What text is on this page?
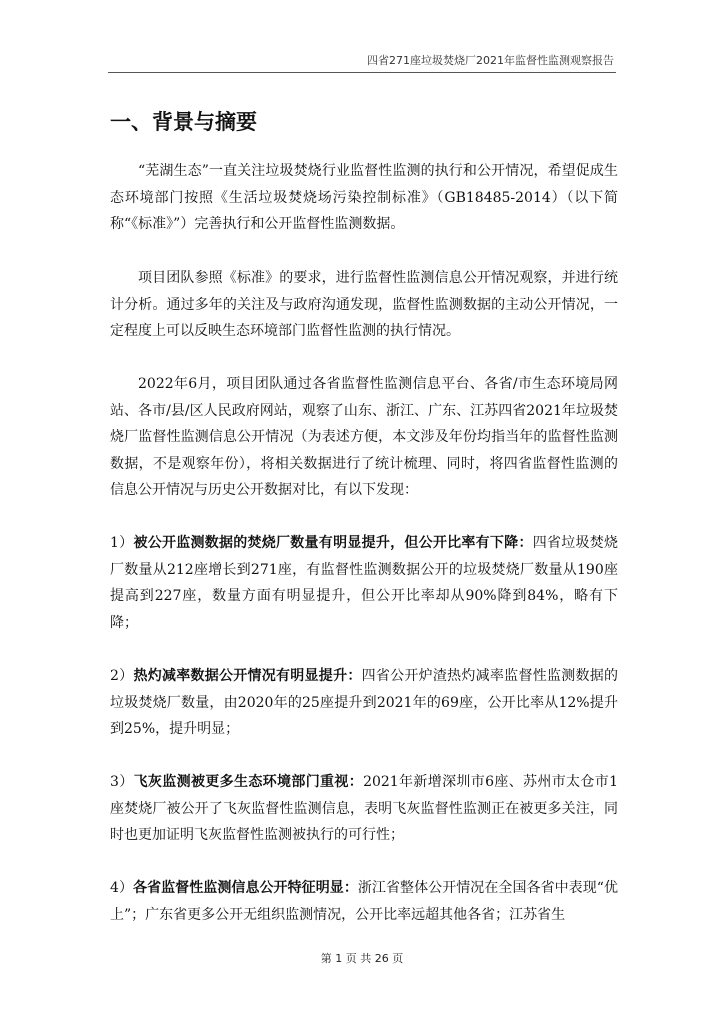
四省271座垃圾焚烧厂2021年监督性监测观察报告
一、背景与摘要

“芜湖生态”一直关注垃圾焚烧行业监督性监测的执行和公开情况，希望促成生态环境部门按照《生活垃圾焚烧场污染控制标准》（GB18485-2014）（以下简称“《标准》”）完善执行和公开监督性监测数据。

项目团队参照《标准》的要求，进行监督性监测信息公开情况观察，并进行统计分析。通过多年的关注及与政府沟通发现，监督性监测数据的主动公开情况，一定程度上可以反映生态环境部门监督性监测的执行情况。

2022年6月，项目团队通过各省监督性监测信息平台、各省/市生态环境局网站、各市/县/区人民政府网站，观察了山东、浙江、广东、江苏四省2021年垃圾焚烧厂监督性监测信息公开情况（为表述方便，本文涉及年份均指当年的监督性监测数据，不是观察年份），将相关数据进行了统计梳理、同时，将四省监督性监测的信息公开情况与历史公开数据对比，有以下发现：

1）被公开监测数据的焚烧厂数量有明显提升，但公开比率有下降：四省垃圾焚烧厂数量从212座增长到271座，有监督性监测数据公开的垃圾焚烧厂数量从190座提高到227座，数量方面有明显提升，但公开比率却从90%降到84%，略有下降；

2）热灼减率数据公开情况有明显提升：四省公开炉渣热灼减率监督性监测数据的垃圾焚烧厂数量，由2020年的25座提升到2021年的69座，公开比率从12%提升到25%，提升明显；

3）飞灰监测被更多生态环境部门重视：2021年新增深圳市6座、苏州市太仓市1座焚烧厂被公开了飞灰监督性监测信息，表明飞灰监督性监测正在被更多关注，同时也更加证明飞灰监督性监测被执行的可行性；

4）各省监督性监测信息公开特征明显：浙江省整体公开情况在全国各省中表现“优上”；广东省更多公开无组织监测情况，公开比率远超其他各省；江苏省生

第 1 页 共 26 页
